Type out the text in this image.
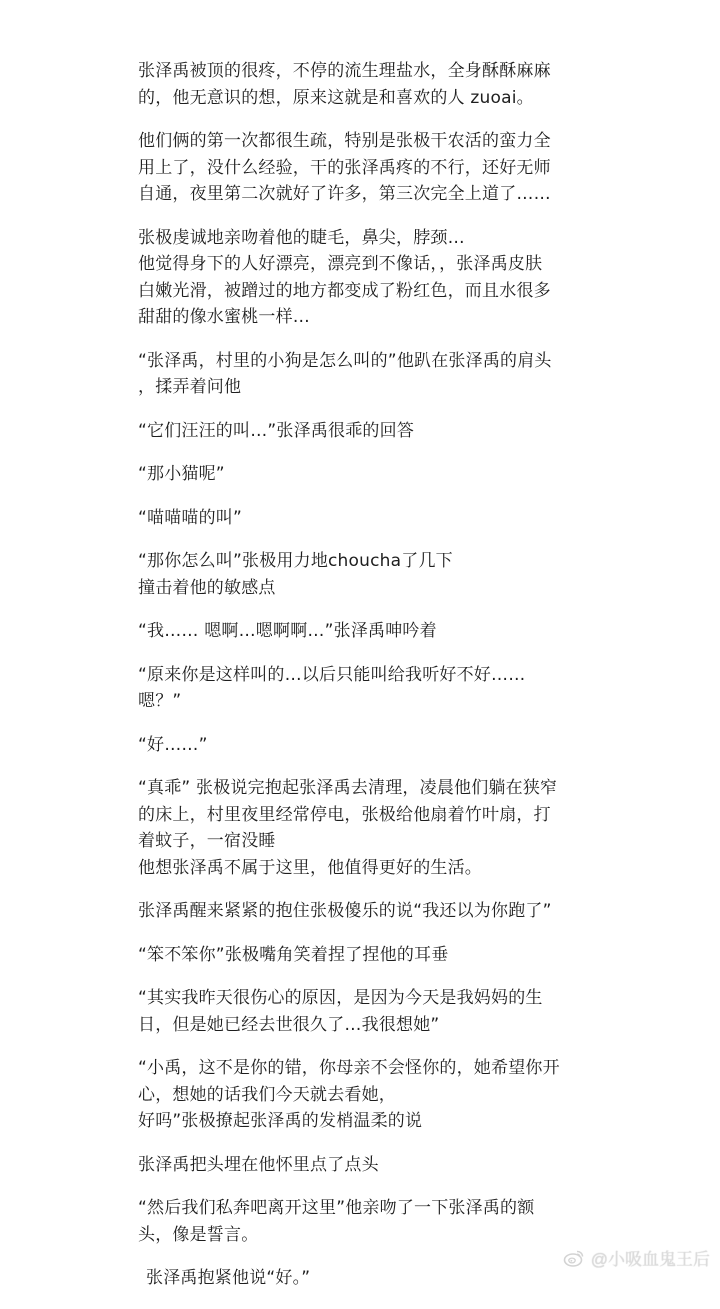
张泽禹被顶的很疼，不停的流生理盐水，全身酥酥麻麻
的，他无意识的想，原来这就是和喜欢的人 zuoai。

他们俩的第一次都很生疏，特别是张极干农活的蛮力全
用上了，没什么经验，干的张泽禹疼的不行，还好无师
自通，夜里第二次就好了许多，第三次完全上道了……

张极虔诚地亲吻着他的睫毛，鼻尖，脖颈…
他觉得身下的人好漂亮，漂亮到不像话，，张泽禹皮肤
白嫩光滑，被蹭过的地方都变成了粉红色，而且水很多
甜甜的像水蜜桃一样…

“张泽禹，村里的小狗是怎么叫的”他趴在张泽禹的肩头
，揉弄着问他

“它们汪汪的叫…”张泽禹很乖的回答

“那小猫呢”

“喵喵喵的叫”

“那你怎么叫”张极用力地choucha了几下
撞击着他的敏感点

“我…… 嗯啊…嗯啊啊…”张泽禹呻吟着

“原来你是这样叫的…以后只能叫给我听好不好……
嗯？”

“好……”

“真乖” 张极说完抱起张泽禹去清理，凌晨他们躺在狭窄
的床上，村里夜里经常停电，张极给他扇着竹叶扇，打
着蚊子，一宿没睡
他想张泽禹不属于这里，他值得更好的生活。

张泽禹醒来紧紧的抱住张极傻乐的说“我还以为你跑了”

“笨不笨你”张极嘴角笑着捏了捏他的耳垂

“其实我昨天很伤心的原因，是因为今天是我妈妈的生
日，但是她已经去世很久了…我很想她”

“小禹，这不是你的错，你母亲不会怪你的，她希望你开
心，想她的话我们今天就去看她，
好吗”张极撩起张泽禹的发梢温柔的说

张泽禹把头埋在他怀里点了点头

“然后我们私奔吧离开这里”他亲吻了一下张泽禹的额
头，像是誓言。

张泽禹抱紧他说“好。”

@小吸血鬼王后
